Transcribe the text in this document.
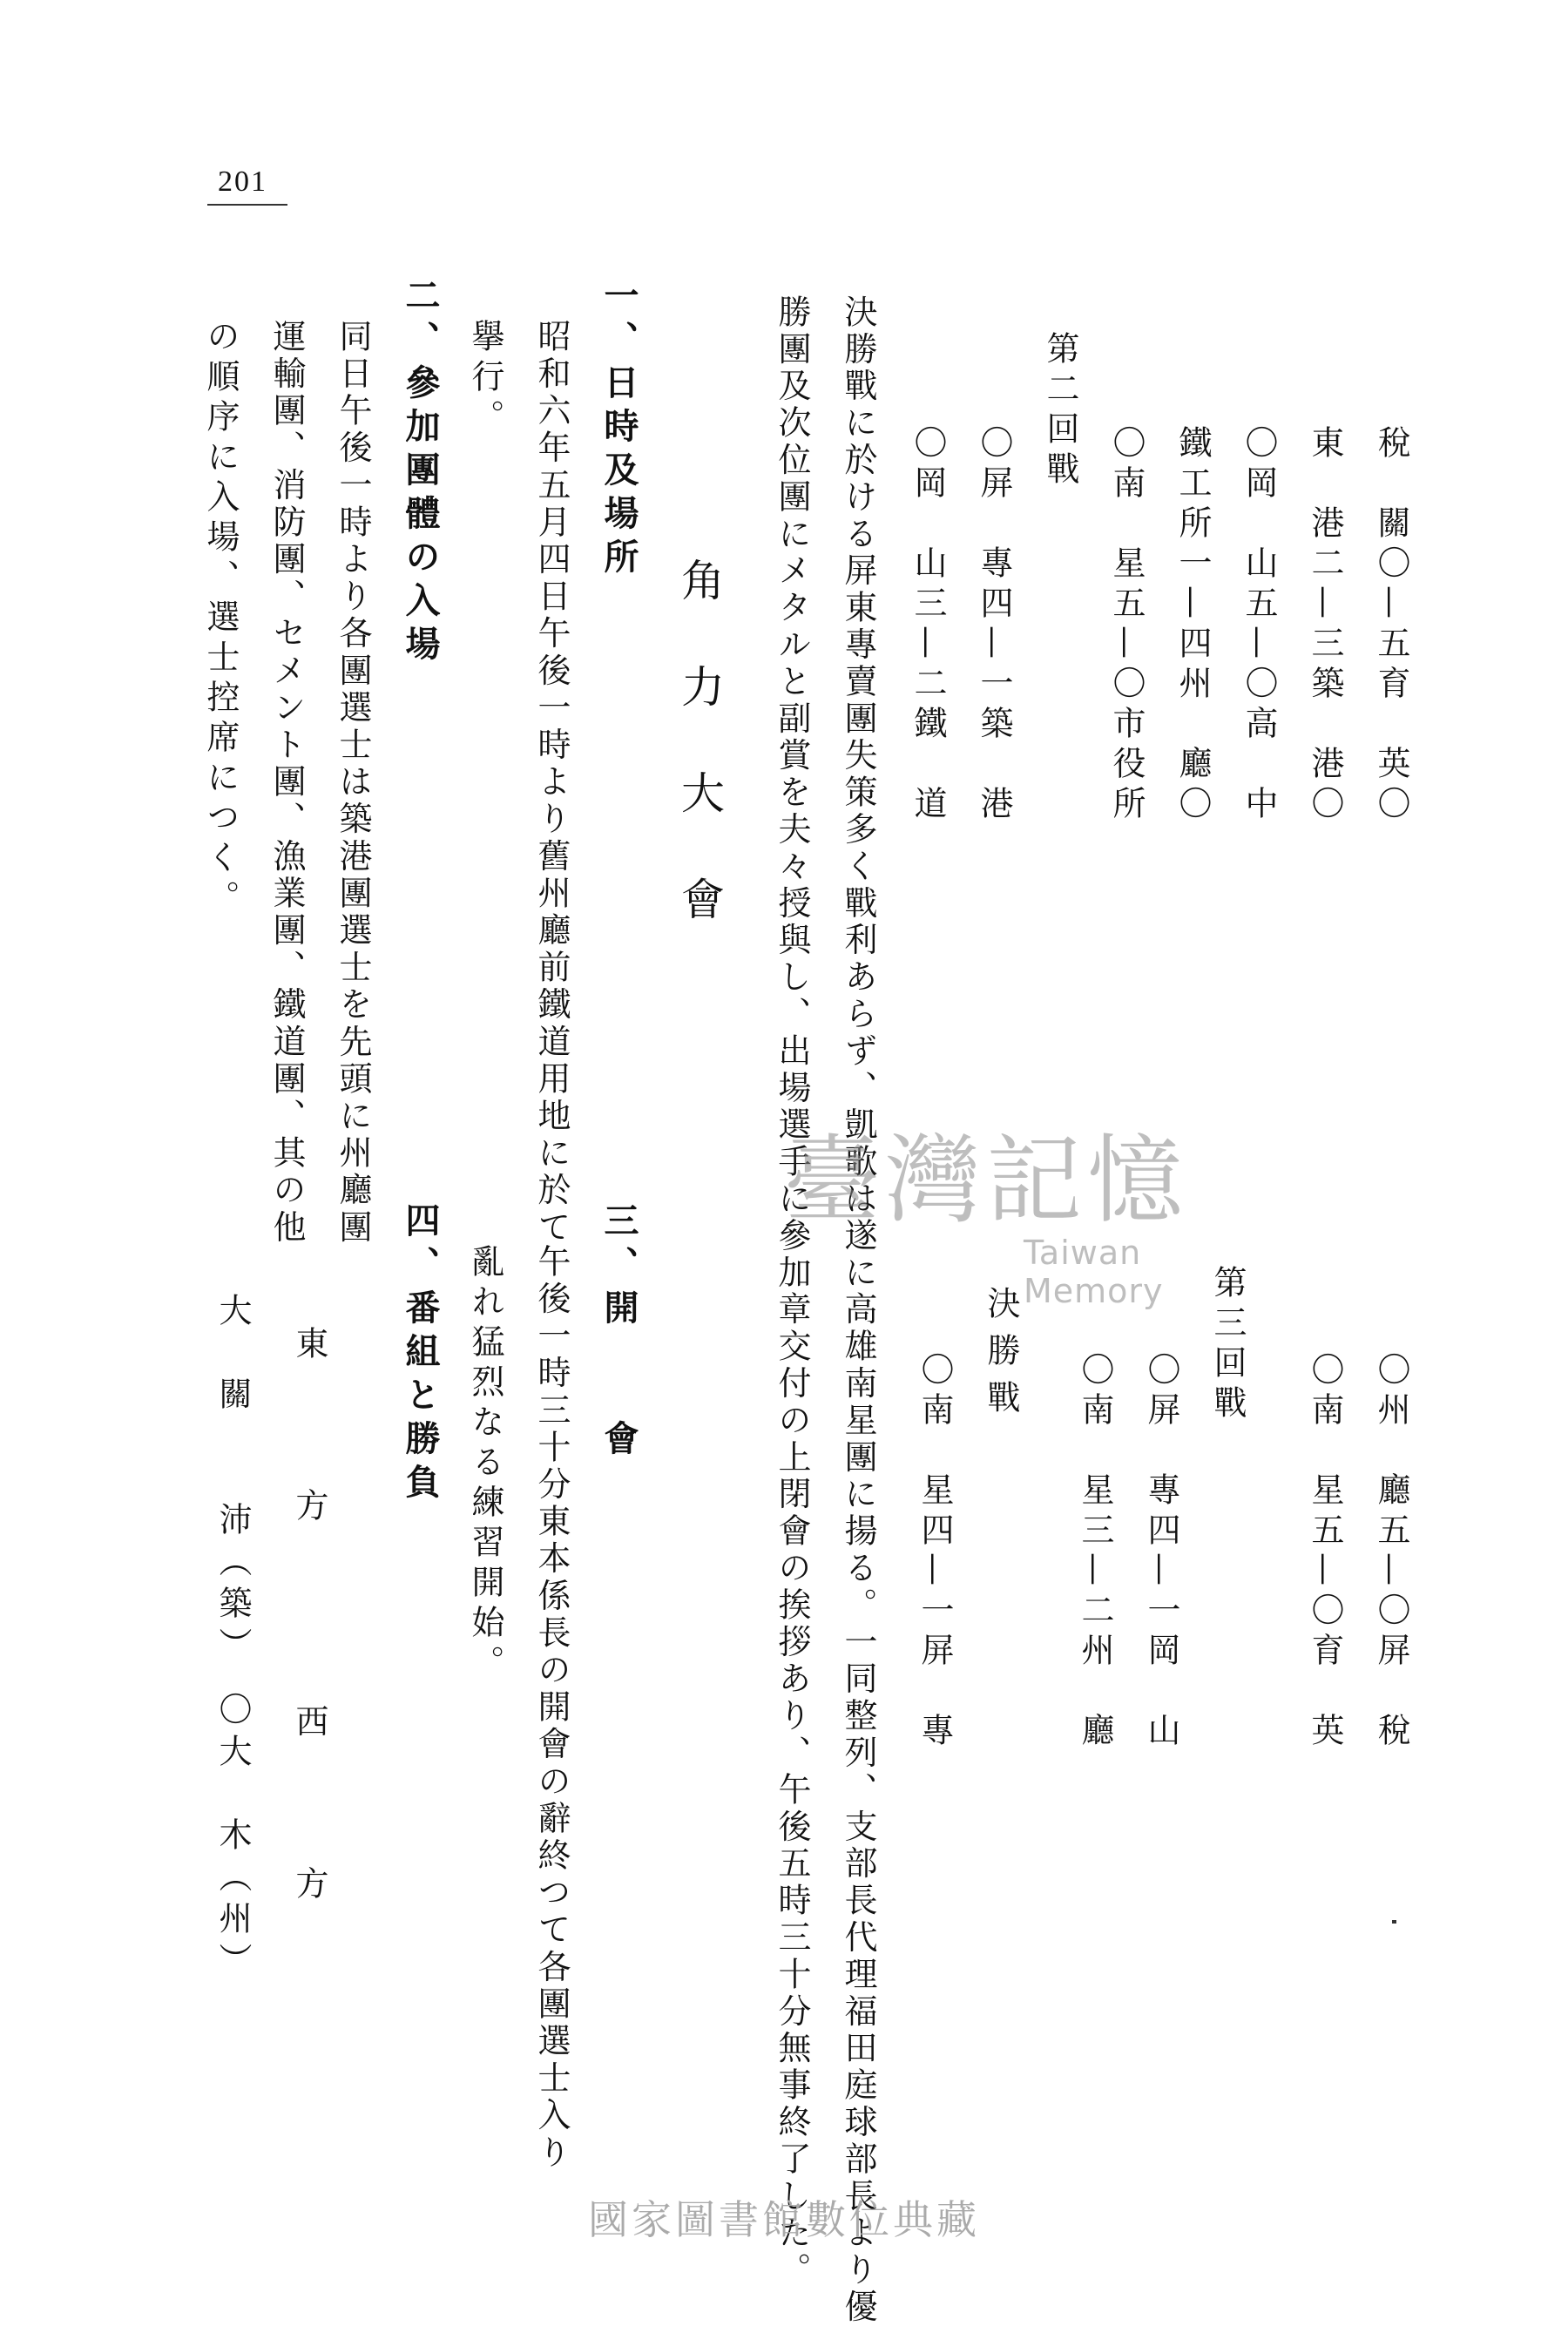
201
稅　關〇—五育　英〇
東　港二—三築　港〇
〇岡　山五—〇高　中
鐵工所一—四州　廳〇
〇南　星五—〇市役所
第二回戰
〇屏　專四—一築　港
〇岡　山三—二鐵　道
〇州　廳五—〇屏　稅
〇南　星五—〇育　英
第三回戰
〇屏　專四—一岡　山
〇南　星三—二州　廳
決勝戰
〇南　星四—一屏　專
決勝戰に於ける屏東專賣團失策多く戰利あらず、凱歌は遂に高雄南星團に揚る。一同整列、支部長代理福田庭球部長より優
勝團及次位團にメタルと副賞を夫々授與し、出場選手に參加章交付の上閉會の挨拶あり、午後五時三十分無事終了した。
角力大會
一、日時及場所
昭和六年五月四日午後一時より舊州廳前鐵道用地に於て
擧行。
二、參加團體の入場
同日午後一時より各團選士は築港團選士を先頭に州廳團
運輸團、消防團、セメント團、漁業團、鐵道團、其の他
の順序に入場、選士控席につく。
三、開　　會
午後一時三十分東本係長の開會の辭終つて各團選士入り
亂れ猛烈なる練習開始。
四、番組と勝負
東　　方
西　　方
大　關　　沛（築）
〇大　木（州）
臺灣記憶
Taiwan Memory
國家圖書館數位典藏
